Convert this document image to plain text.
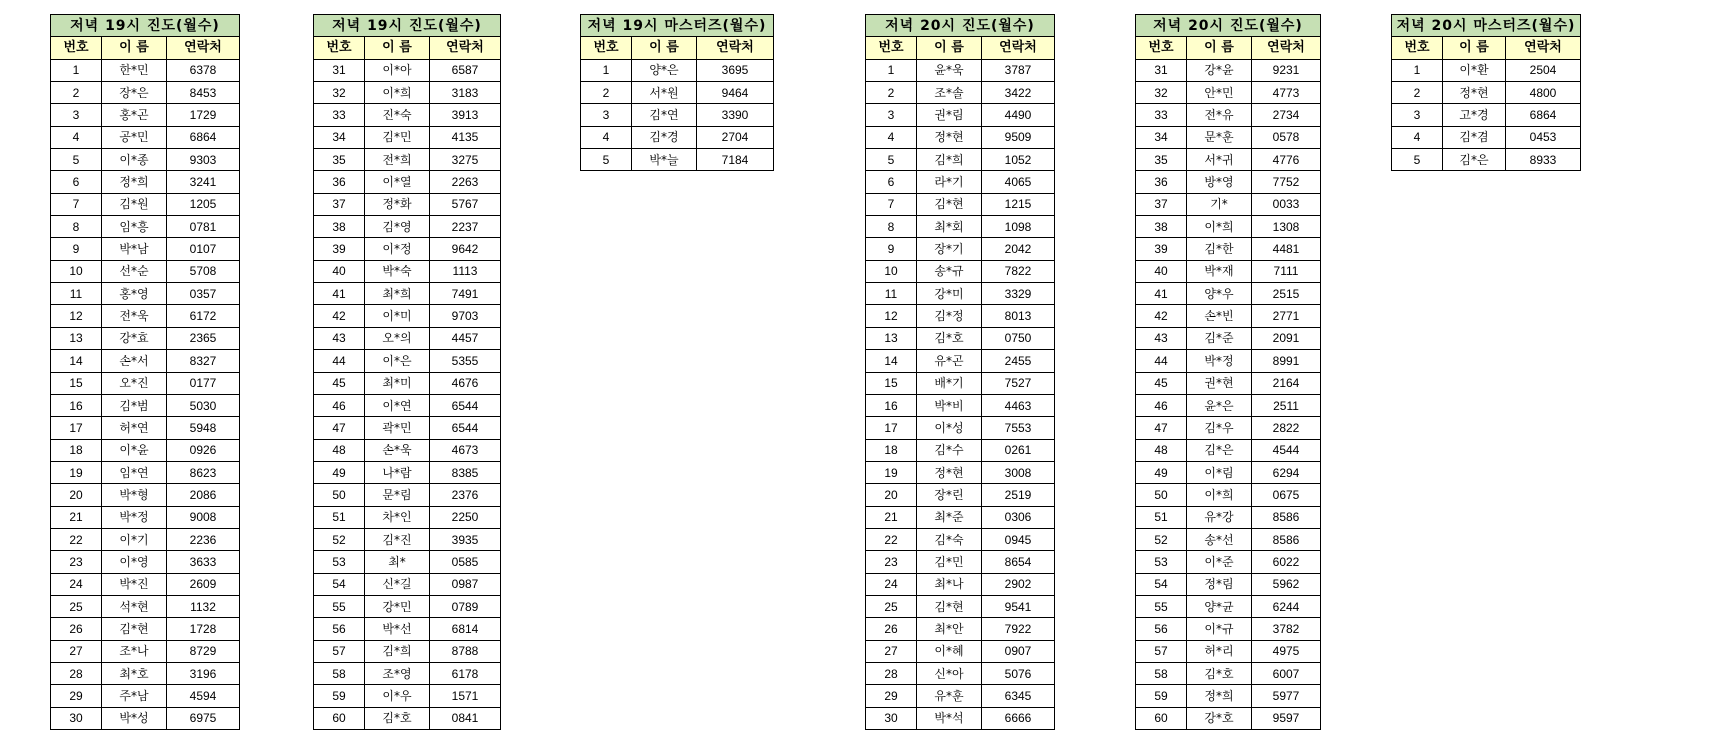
저녁 19시 진도(월수)		
번호	이 름	연락처
1	한*민	6378
2	장*은	8453
3	홍*곤	1729
4	공*민	6864
5	이*종	9303
6	정*희	3241
7	김*원	1205
8	임*흥	0781
9	박*남	0107
10	선*순	5708
11	홍*영	0357
12	전*욱	6172
13	강*효	2365
14	손*서	8327
15	오*진	0177
16	김*범	5030
17	허*연	5948
18	이*윤	0926
19	임*연	8623
20	박*형	2086
21	박*정	9008
22	이*기	2236
23	이*영	3633
24	박*진	2609
25	석*현	1132
26	김*현	1728
27	조*나	8729
28	최*호	3196
29	주*남	4594
30	박*성	6975
저녁 19시 진도(월수)		
번호	이 름	연락처
31	이*아	6587
32	이*희	3183
33	진*숙	3913
34	김*민	4135
35	전*희	3275
36	이*열	2263
37	정*화	5767
38	김*영	2237
39	이*정	9642
40	박*숙	1113
41	최*희	7491
42	이*미	9703
43	오*의	4457
44	이*은	5355
45	최*미	4676
46	이*연	6544
47	곽*민	6544
48	손*욱	4673
49	나*람	8385
50	문*림	2376
51	차*인	2250
52	김*진	3935
53	최*	0585
54	신*길	0987
55	강*민	0789
56	박*선	6814
57	김*희	8788
58	조*영	6178
59	이*우	1571
60	김*호	0841
저녁 19시 마스터즈(월수)		
번호	이 름	연락처
1	양*은	3695
2	서*원	9464
3	김*연	3390
4	김*경	2704
5	박*늘	7184
저녁 20시 진도(월수)		
번호	이 름	연락처
1	윤*욱	3787
2	조*솔	3422
3	권*림	4490
4	정*현	9509
5	김*희	1052
6	라*기	4065
7	김*현	1215
8	최*회	1098
9	장*기	2042
10	송*규	7822
11	강*미	3329
12	김*정	8013
13	김*호	0750
14	유*곤	2455
15	배*기	7527
16	박*비	4463
17	이*성	7553
18	김*수	0261
19	정*현	3008
20	장*린	2519
21	최*준	0306
22	김*숙	0945
23	김*민	8654
24	최*나	2902
25	김*현	9541
26	최*안	7922
27	이*혜	0907
28	신*아	5076
29	유*훈	6345
30	박*석	6666
저녁 20시 진도(월수)		
번호	이 름	연락처
31	강*윤	9231
32	안*민	4773
33	전*유	2734
34	문*훈	0578
35	서*귀	4776
36	방*영	7752
37	기*	0033
38	이*희	1308
39	김*한	4481
40	박*재	7111
41	양*우	2515
42	손*빈	2771
43	김*준	2091
44	박*정	8991
45	권*현	2164
46	윤*은	2511
47	김*우	2822
48	김*은	4544
49	이*림	6294
50	이*희	0675
51	유*강	8586
52	송*선	8586
53	이*준	6022
54	정*림	5962
55	양*균	6244
56	이*규	3782
57	허*리	4975
58	김*호	6007
59	정*희	5977
60	강*호	9597
저녁 20시 마스터즈(월수)		
번호	이 름	연락처
1	이*환	2504
2	정*현	4800
3	고*경	6864
4	김*겸	0453
5	김*은	8933
